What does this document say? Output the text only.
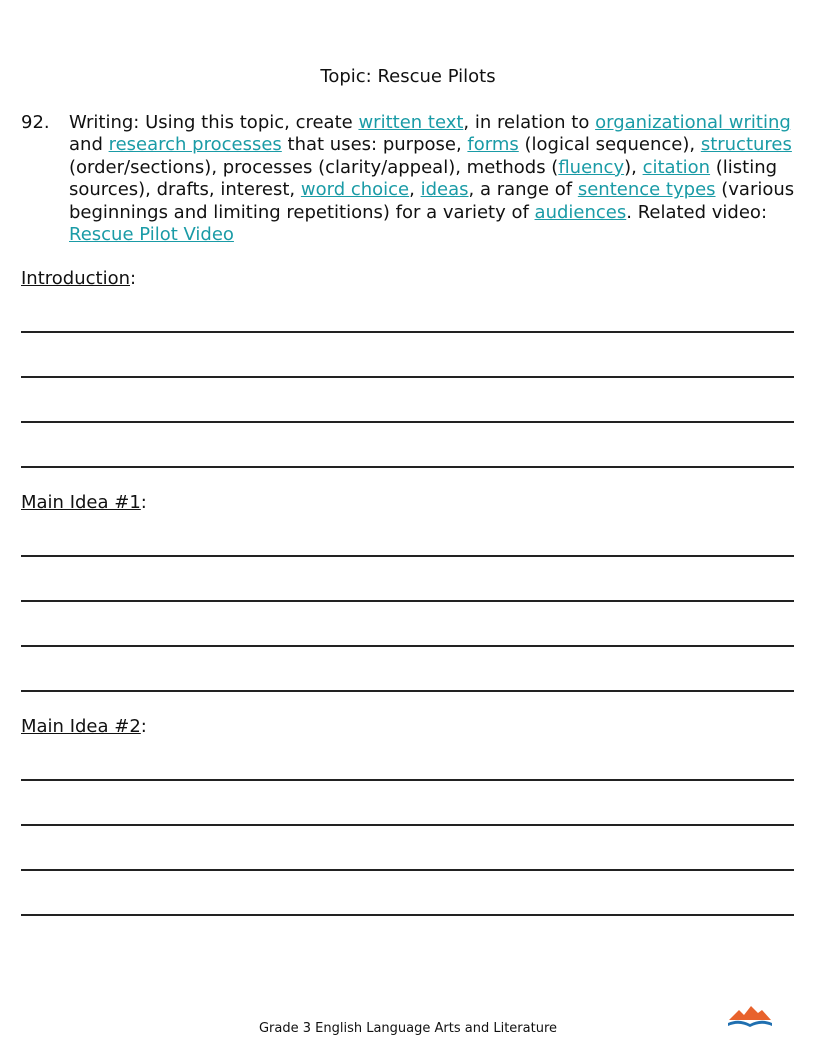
Topic: Rescue Pilots
92. Writing: Using this topic, create written text, in relation to organizational writing and research processes that uses: purpose, forms (logical sequence), structures (order/sections), processes (clarity/appeal), methods (fluency), citation (listing sources), drafts, interest, word choice, ideas, a range of sentence types (various beginnings and limiting repetitions) for a variety of audiences. Related video: Rescue Pilot Video
Introduction:
Main Idea #1:
Main Idea #2:
Grade 3 English Language Arts and Literature
